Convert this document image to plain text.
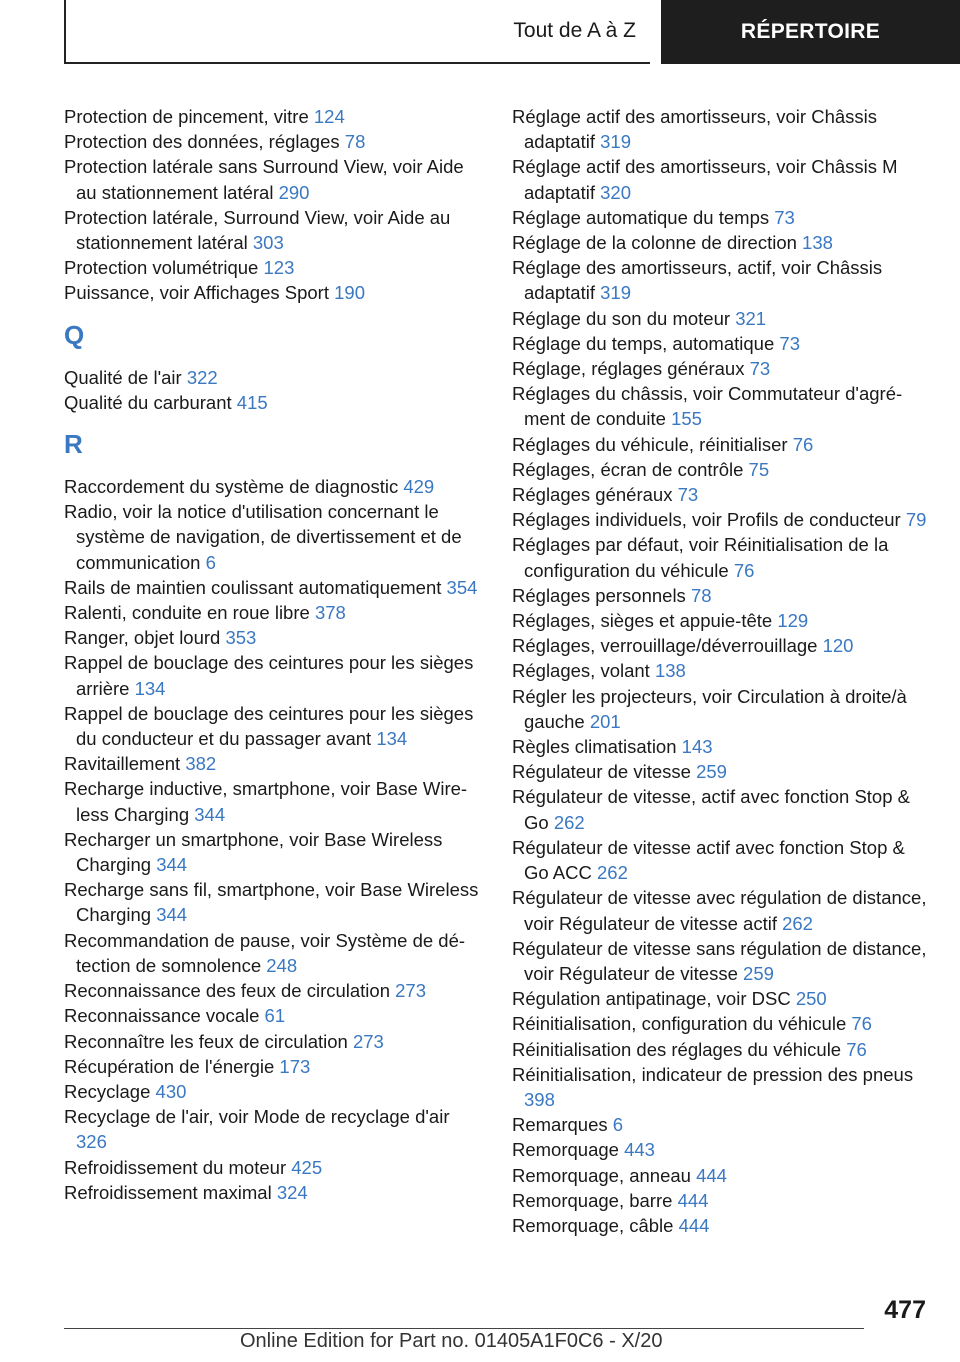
Tout de A à Z	RÉPERTOIRE
Protection de pincement, vitre 124
Protection des données, réglages 78
Protection latérale sans Surround View, voir Aide au stationnement latéral 290
Protection latérale, Surround View, voir Aide au stationnement latéral 303
Protection volumétrique 123
Puissance, voir Affichages Sport 190
Q
Qualité de l'air 322
Qualité du carburant 415
R
Raccordement du système de diagnostic 429
Radio, voir la notice d'utilisation concernant le système de navigation, de divertissement et de communication 6
Rails de maintien coulissant automatiquement 354
Ralenti, conduite en roue libre 378
Ranger, objet lourd 353
Rappel de bouclage des ceintures pour les sièges arrière 134
Rappel de bouclage des ceintures pour les sièges du conducteur et du passager avant 134
Ravitaillement 382
Recharge inductive, smartphone, voir Base Wireless Charging 344
Recharger un smartphone, voir Base Wireless Charging 344
Recharge sans fil, smartphone, voir Base Wireless Charging 344
Recommandation de pause, voir Système de détection de somnolence 248
Reconnaissance des feux de circulation 273
Reconnaissance vocale 61
Reconnaître les feux de circulation 273
Récupération de l'énergie 173
Recyclage 430
Recyclage de l'air, voir Mode de recyclage d'air 326
Refroidissement du moteur 425
Refroidissement maximal 324
Réglage actif des amortisseurs, voir Châssis adaptatif 319
Réglage actif des amortisseurs, voir Châssis M adaptatif 320
Réglage automatique du temps 73
Réglage de la colonne de direction 138
Réglage des amortisseurs, actif, voir Châssis adaptatif 319
Réglage du son du moteur 321
Réglage du temps, automatique 73
Réglage, réglages généraux 73
Réglages du châssis, voir Commutateur d'agrément de conduite 155
Réglages du véhicule, réinitialiser 76
Réglages, écran de contrôle 75
Réglages généraux 73
Réglages individuels, voir Profils de conducteur 79
Réglages par défaut, voir Réinitialisation de la configuration du véhicule 76
Réglages personnels 78
Réglages, sièges et appuie-tête 129
Réglages, verrouillage/déverrouillage 120
Réglages, volant 138
Régler les projecteurs, voir Circulation à droite/à gauche 201
Règles climatisation 143
Régulateur de vitesse 259
Régulateur de vitesse, actif avec fonction Stop & Go 262
Régulateur de vitesse actif avec fonction Stop & Go ACC 262
Régulateur de vitesse avec régulation de distance, voir Régulateur de vitesse actif 262
Régulateur de vitesse sans régulation de distance, voir Régulateur de vitesse 259
Régulation antipatinage, voir DSC 250
Réinitialisation, configuration du véhicule 76
Réinitialisation des réglages du véhicule 76
Réinitialisation, indicateur de pression des pneus 398
Remarques 6
Remorquage 443
Remorquage, anneau 444
Remorquage, barre 444
Remorquage, câble 444
477
Online Edition for Part no. 01405A1F0C6 - X/20
